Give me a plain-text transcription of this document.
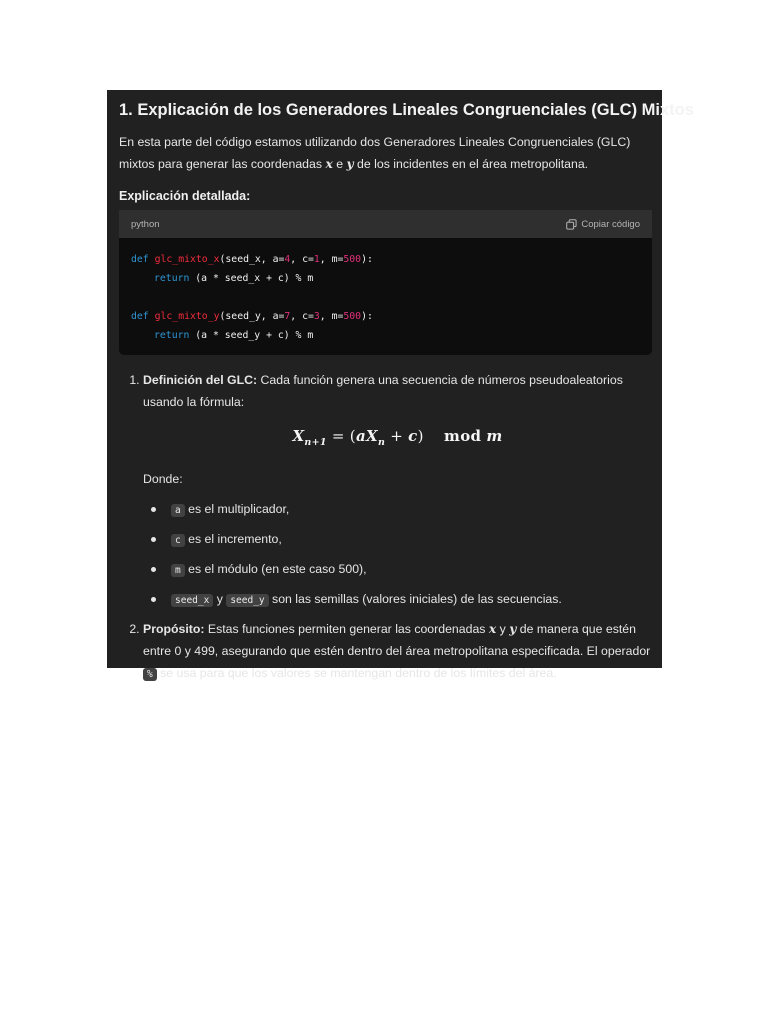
1. Explicación de los Generadores Lineales Congruenciales (GLC) Mixtos

En esta parte del código estamos utilizando dos Generadores Lineales Congruenciales (GLC) mixtos para generar las coordenadas x e y de los incidentes en el área metropolitana.

Explicación detallada:
python	Copiar código
def glc_mixto_x(seed_x, a=4, c=1, m=500):
return (a * seed_x + c) % m
def glc_mixto_y(seed_y, a=7, c=3, m=500):
return (a * seed_y + c) % m
1. Definición del GLC: Cada función genera una secuencia de números pseudoaleatorios usando la fórmula:
$X_{n+1} = (aX_n + c)$ mod m
Donde:
a es el multiplicador,
c es el incremento,
m es el módulo (en este caso 500),
seed_x y seed_y son las semillas (valores iniciales) de las secuencias.
2. Propósito: Estas funciones permiten generar las coordenadas x y y de manera que estén entre 0 y 499, asegurando que estén dentro del área metropolitana especificada. El operador % se usa para que los valores se mantengan dentro de los límites del área.
